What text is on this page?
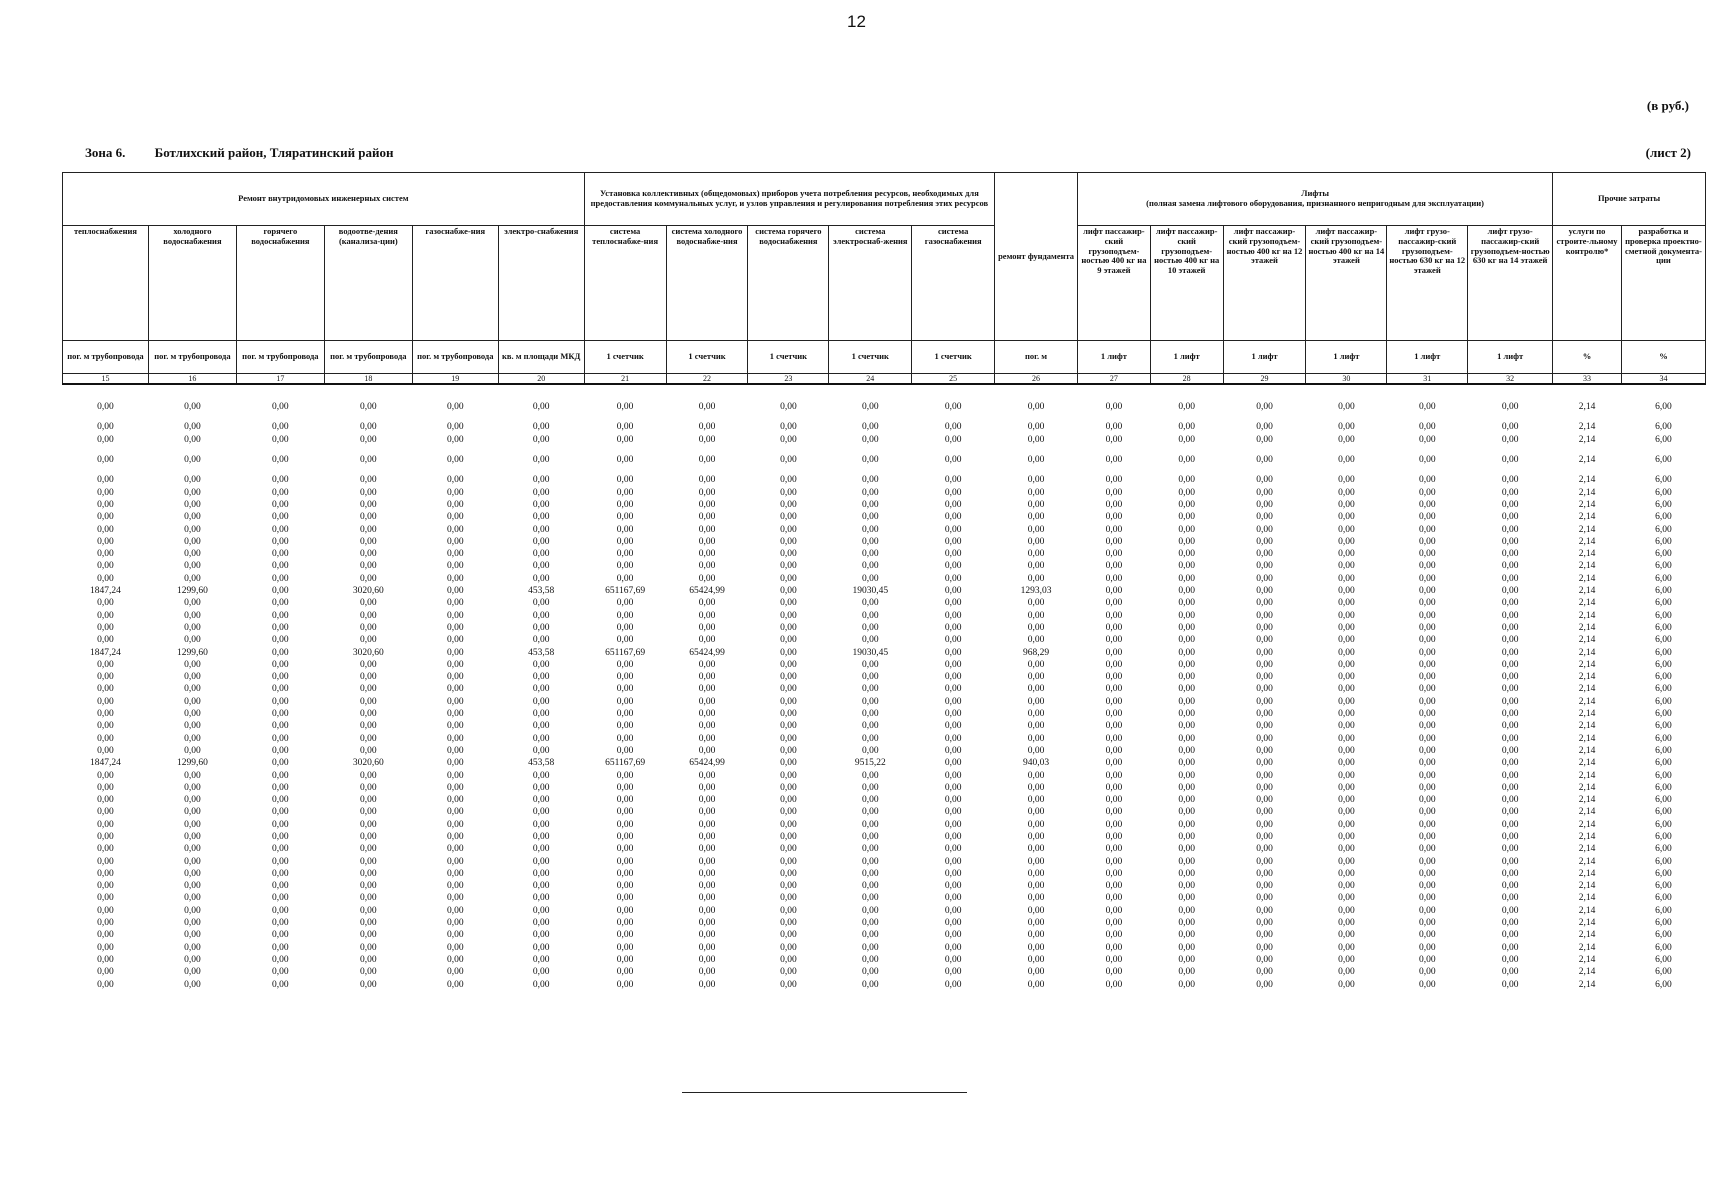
12
(в руб.)
Зона 6. Ботлихский район, Тляратинский район	(лист 2)
Ремонт внутридомовых инженерных систем						Установка коллективных (общедомовых) приборов учета потребления ресурсов, необходимых для предоставления коммунальных услуг, и узлов управления и регулирования потребления этих ресурсов					ремонт фундамента	Лифты
(полная замена лифтового оборудования, признанного непригодным для эксплуатации)						Прочие затраты	
теплоснабжения	холодного водоснабжения	горячего водоснабжения	водоотве-дения (канализа-ции)	газоснабже-ния	электро-снабжения	система теплоснабже-ния	система холодного водоснабже-ния	система горячего водоснабжения	система электроснаб-жения	система газоснабжения		лифт пассажир-ский грузоподъем-ностью 400 кг на 9 этажей	лифт пассажир-ский грузоподъем-ностью 400 кг на 10 этажей	лифт пассажир-ский грузоподъем-ностью 400 кг на 12 этажей	лифт пассажир-ский грузоподъем-ностью 400 кг на 14 этажей	лифт грузо-пассажир-ский грузоподъем-ностью 630 кг на 12 этажей	лифт грузо-пассажир-ский грузоподъем-ностью 630 кг на 14 этажей	услуги по строите-льному контролю*	разработка и проверка проектно-сметной документа-ции
пог. м трубопровода	пог. м трубопровода	пог. м трубопровода	пог. м трубопровода	пог. м трубопровода	кв. м площади МКД	1 счетчик	1 счетчик	1 счетчик	1 счетчик	1 счетчик	пог. м	1 лифт	1 лифт	1 лифт	1 лифт	1 лифт	1 лифт	%	%
15	16	17	18	19	20	21	22	23	24	25	26	27	28	29	30	31	32	33	34
0,00	0,00	0,00	0,00	0,00	0,00	0,00	0,00	0,00	0,00	0,00	0,00	0,00	0,00	0,00	0,00	0,00	0,00	2,14	6,00

0,00	0,00	0,00	0,00	0,00	0,00	0,00	0,00	0,00	0,00	0,00	0,00	0,00	0,00	0,00	0,00	0,00	0,00	2,14	6,00
0,00	0,00	0,00	0,00	0,00	0,00	0,00	0,00	0,00	0,00	0,00	0,00	0,00	0,00	0,00	0,00	0,00	0,00	2,14	6,00

0,00	0,00	0,00	0,00	0,00	0,00	0,00	0,00	0,00	0,00	0,00	0,00	0,00	0,00	0,00	0,00	0,00	0,00	2,14	6,00

0,00	0,00	0,00	0,00	0,00	0,00	0,00	0,00	0,00	0,00	0,00	0,00	0,00	0,00	0,00	0,00	0,00	0,00	2,14	6,00
0,00	0,00	0,00	0,00	0,00	0,00	0,00	0,00	0,00	0,00	0,00	0,00	0,00	0,00	0,00	0,00	0,00	0,00	2,14	6,00
0,00	0,00	0,00	0,00	0,00	0,00	0,00	0,00	0,00	0,00	0,00	0,00	0,00	0,00	0,00	0,00	0,00	0,00	2,14	6,00
0,00	0,00	0,00	0,00	0,00	0,00	0,00	0,00	0,00	0,00	0,00	0,00	0,00	0,00	0,00	0,00	0,00	0,00	2,14	6,00
0,00	0,00	0,00	0,00	0,00	0,00	0,00	0,00	0,00	0,00	0,00	0,00	0,00	0,00	0,00	0,00	0,00	0,00	2,14	6,00
0,00	0,00	0,00	0,00	0,00	0,00	0,00	0,00	0,00	0,00	0,00	0,00	0,00	0,00	0,00	0,00	0,00	0,00	2,14	6,00
0,00	0,00	0,00	0,00	0,00	0,00	0,00	0,00	0,00	0,00	0,00	0,00	0,00	0,00	0,00	0,00	0,00	0,00	2,14	6,00
0,00	0,00	0,00	0,00	0,00	0,00	0,00	0,00	0,00	0,00	0,00	0,00	0,00	0,00	0,00	0,00	0,00	0,00	2,14	6,00
0,00	0,00	0,00	0,00	0,00	0,00	0,00	0,00	0,00	0,00	0,00	0,00	0,00	0,00	0,00	0,00	0,00	0,00	2,14	6,00
1847,24	1299,60	0,00	3020,60	0,00	453,58	651167,69	65424,99	0,00	19030,45	0,00	1293,03	0,00	0,00	0,00	0,00	0,00	0,00	2,14	6,00
0,00	0,00	0,00	0,00	0,00	0,00	0,00	0,00	0,00	0,00	0,00	0,00	0,00	0,00	0,00	0,00	0,00	0,00	2,14	6,00
0,00	0,00	0,00	0,00	0,00	0,00	0,00	0,00	0,00	0,00	0,00	0,00	0,00	0,00	0,00	0,00	0,00	0,00	2,14	6,00
0,00	0,00	0,00	0,00	0,00	0,00	0,00	0,00	0,00	0,00	0,00	0,00	0,00	0,00	0,00	0,00	0,00	0,00	2,14	6,00
0,00	0,00	0,00	0,00	0,00	0,00	0,00	0,00	0,00	0,00	0,00	0,00	0,00	0,00	0,00	0,00	0,00	0,00	2,14	6,00
1847,24	1299,60	0,00	3020,60	0,00	453,58	651167,69	65424,99	0,00	19030,45	0,00	968,29	0,00	0,00	0,00	0,00	0,00	0,00	2,14	6,00
0,00	0,00	0,00	0,00	0,00	0,00	0,00	0,00	0,00	0,00	0,00	0,00	0,00	0,00	0,00	0,00	0,00	0,00	2,14	6,00
0,00	0,00	0,00	0,00	0,00	0,00	0,00	0,00	0,00	0,00	0,00	0,00	0,00	0,00	0,00	0,00	0,00	0,00	2,14	6,00
0,00	0,00	0,00	0,00	0,00	0,00	0,00	0,00	0,00	0,00	0,00	0,00	0,00	0,00	0,00	0,00	0,00	0,00	2,14	6,00
0,00	0,00	0,00	0,00	0,00	0,00	0,00	0,00	0,00	0,00	0,00	0,00	0,00	0,00	0,00	0,00	0,00	0,00	2,14	6,00
0,00	0,00	0,00	0,00	0,00	0,00	0,00	0,00	0,00	0,00	0,00	0,00	0,00	0,00	0,00	0,00	0,00	0,00	2,14	6,00
0,00	0,00	0,00	0,00	0,00	0,00	0,00	0,00	0,00	0,00	0,00	0,00	0,00	0,00	0,00	0,00	0,00	0,00	2,14	6,00
0,00	0,00	0,00	0,00	0,00	0,00	0,00	0,00	0,00	0,00	0,00	0,00	0,00	0,00	0,00	0,00	0,00	0,00	2,14	6,00
0,00	0,00	0,00	0,00	0,00	0,00	0,00	0,00	0,00	0,00	0,00	0,00	0,00	0,00	0,00	0,00	0,00	0,00	2,14	6,00
1847,24	1299,60	0,00	3020,60	0,00	453,58	651167,69	65424,99	0,00	9515,22	0,00	940,03	0,00	0,00	0,00	0,00	0,00	0,00	2,14	6,00
0,00	0,00	0,00	0,00	0,00	0,00	0,00	0,00	0,00	0,00	0,00	0,00	0,00	0,00	0,00	0,00	0,00	0,00	2,14	6,00
0,00	0,00	0,00	0,00	0,00	0,00	0,00	0,00	0,00	0,00	0,00	0,00	0,00	0,00	0,00	0,00	0,00	0,00	2,14	6,00
0,00	0,00	0,00	0,00	0,00	0,00	0,00	0,00	0,00	0,00	0,00	0,00	0,00	0,00	0,00	0,00	0,00	0,00	2,14	6,00
0,00	0,00	0,00	0,00	0,00	0,00	0,00	0,00	0,00	0,00	0,00	0,00	0,00	0,00	0,00	0,00	0,00	0,00	2,14	6,00
0,00	0,00	0,00	0,00	0,00	0,00	0,00	0,00	0,00	0,00	0,00	0,00	0,00	0,00	0,00	0,00	0,00	0,00	2,14	6,00
0,00	0,00	0,00	0,00	0,00	0,00	0,00	0,00	0,00	0,00	0,00	0,00	0,00	0,00	0,00	0,00	0,00	0,00	2,14	6,00
0,00	0,00	0,00	0,00	0,00	0,00	0,00	0,00	0,00	0,00	0,00	0,00	0,00	0,00	0,00	0,00	0,00	0,00	2,14	6,00
0,00	0,00	0,00	0,00	0,00	0,00	0,00	0,00	0,00	0,00	0,00	0,00	0,00	0,00	0,00	0,00	0,00	0,00	2,14	6,00
0,00	0,00	0,00	0,00	0,00	0,00	0,00	0,00	0,00	0,00	0,00	0,00	0,00	0,00	0,00	0,00	0,00	0,00	2,14	6,00
0,00	0,00	0,00	0,00	0,00	0,00	0,00	0,00	0,00	0,00	0,00	0,00	0,00	0,00	0,00	0,00	0,00	0,00	2,14	6,00
0,00	0,00	0,00	0,00	0,00	0,00	0,00	0,00	0,00	0,00	0,00	0,00	0,00	0,00	0,00	0,00	0,00	0,00	2,14	6,00
0,00	0,00	0,00	0,00	0,00	0,00	0,00	0,00	0,00	0,00	0,00	0,00	0,00	0,00	0,00	0,00	0,00	0,00	2,14	6,00
0,00	0,00	0,00	0,00	0,00	0,00	0,00	0,00	0,00	0,00	0,00	0,00	0,00	0,00	0,00	0,00	0,00	0,00	2,14	6,00
0,00	0,00	0,00	0,00	0,00	0,00	0,00	0,00	0,00	0,00	0,00	0,00	0,00	0,00	0,00	0,00	0,00	0,00	2,14	6,00
0,00	0,00	0,00	0,00	0,00	0,00	0,00	0,00	0,00	0,00	0,00	0,00	0,00	0,00	0,00	0,00	0,00	0,00	2,14	6,00
0,00	0,00	0,00	0,00	0,00	0,00	0,00	0,00	0,00	0,00	0,00	0,00	0,00	0,00	0,00	0,00	0,00	0,00	2,14	6,00
0,00	0,00	0,00	0,00	0,00	0,00	0,00	0,00	0,00	0,00	0,00	0,00	0,00	0,00	0,00	0,00	0,00	0,00	2,14	6,00
0,00	0,00	0,00	0,00	0,00	0,00	0,00	0,00	0,00	0,00	0,00	0,00	0,00	0,00	0,00	0,00	0,00	0,00	2,14	6,00
